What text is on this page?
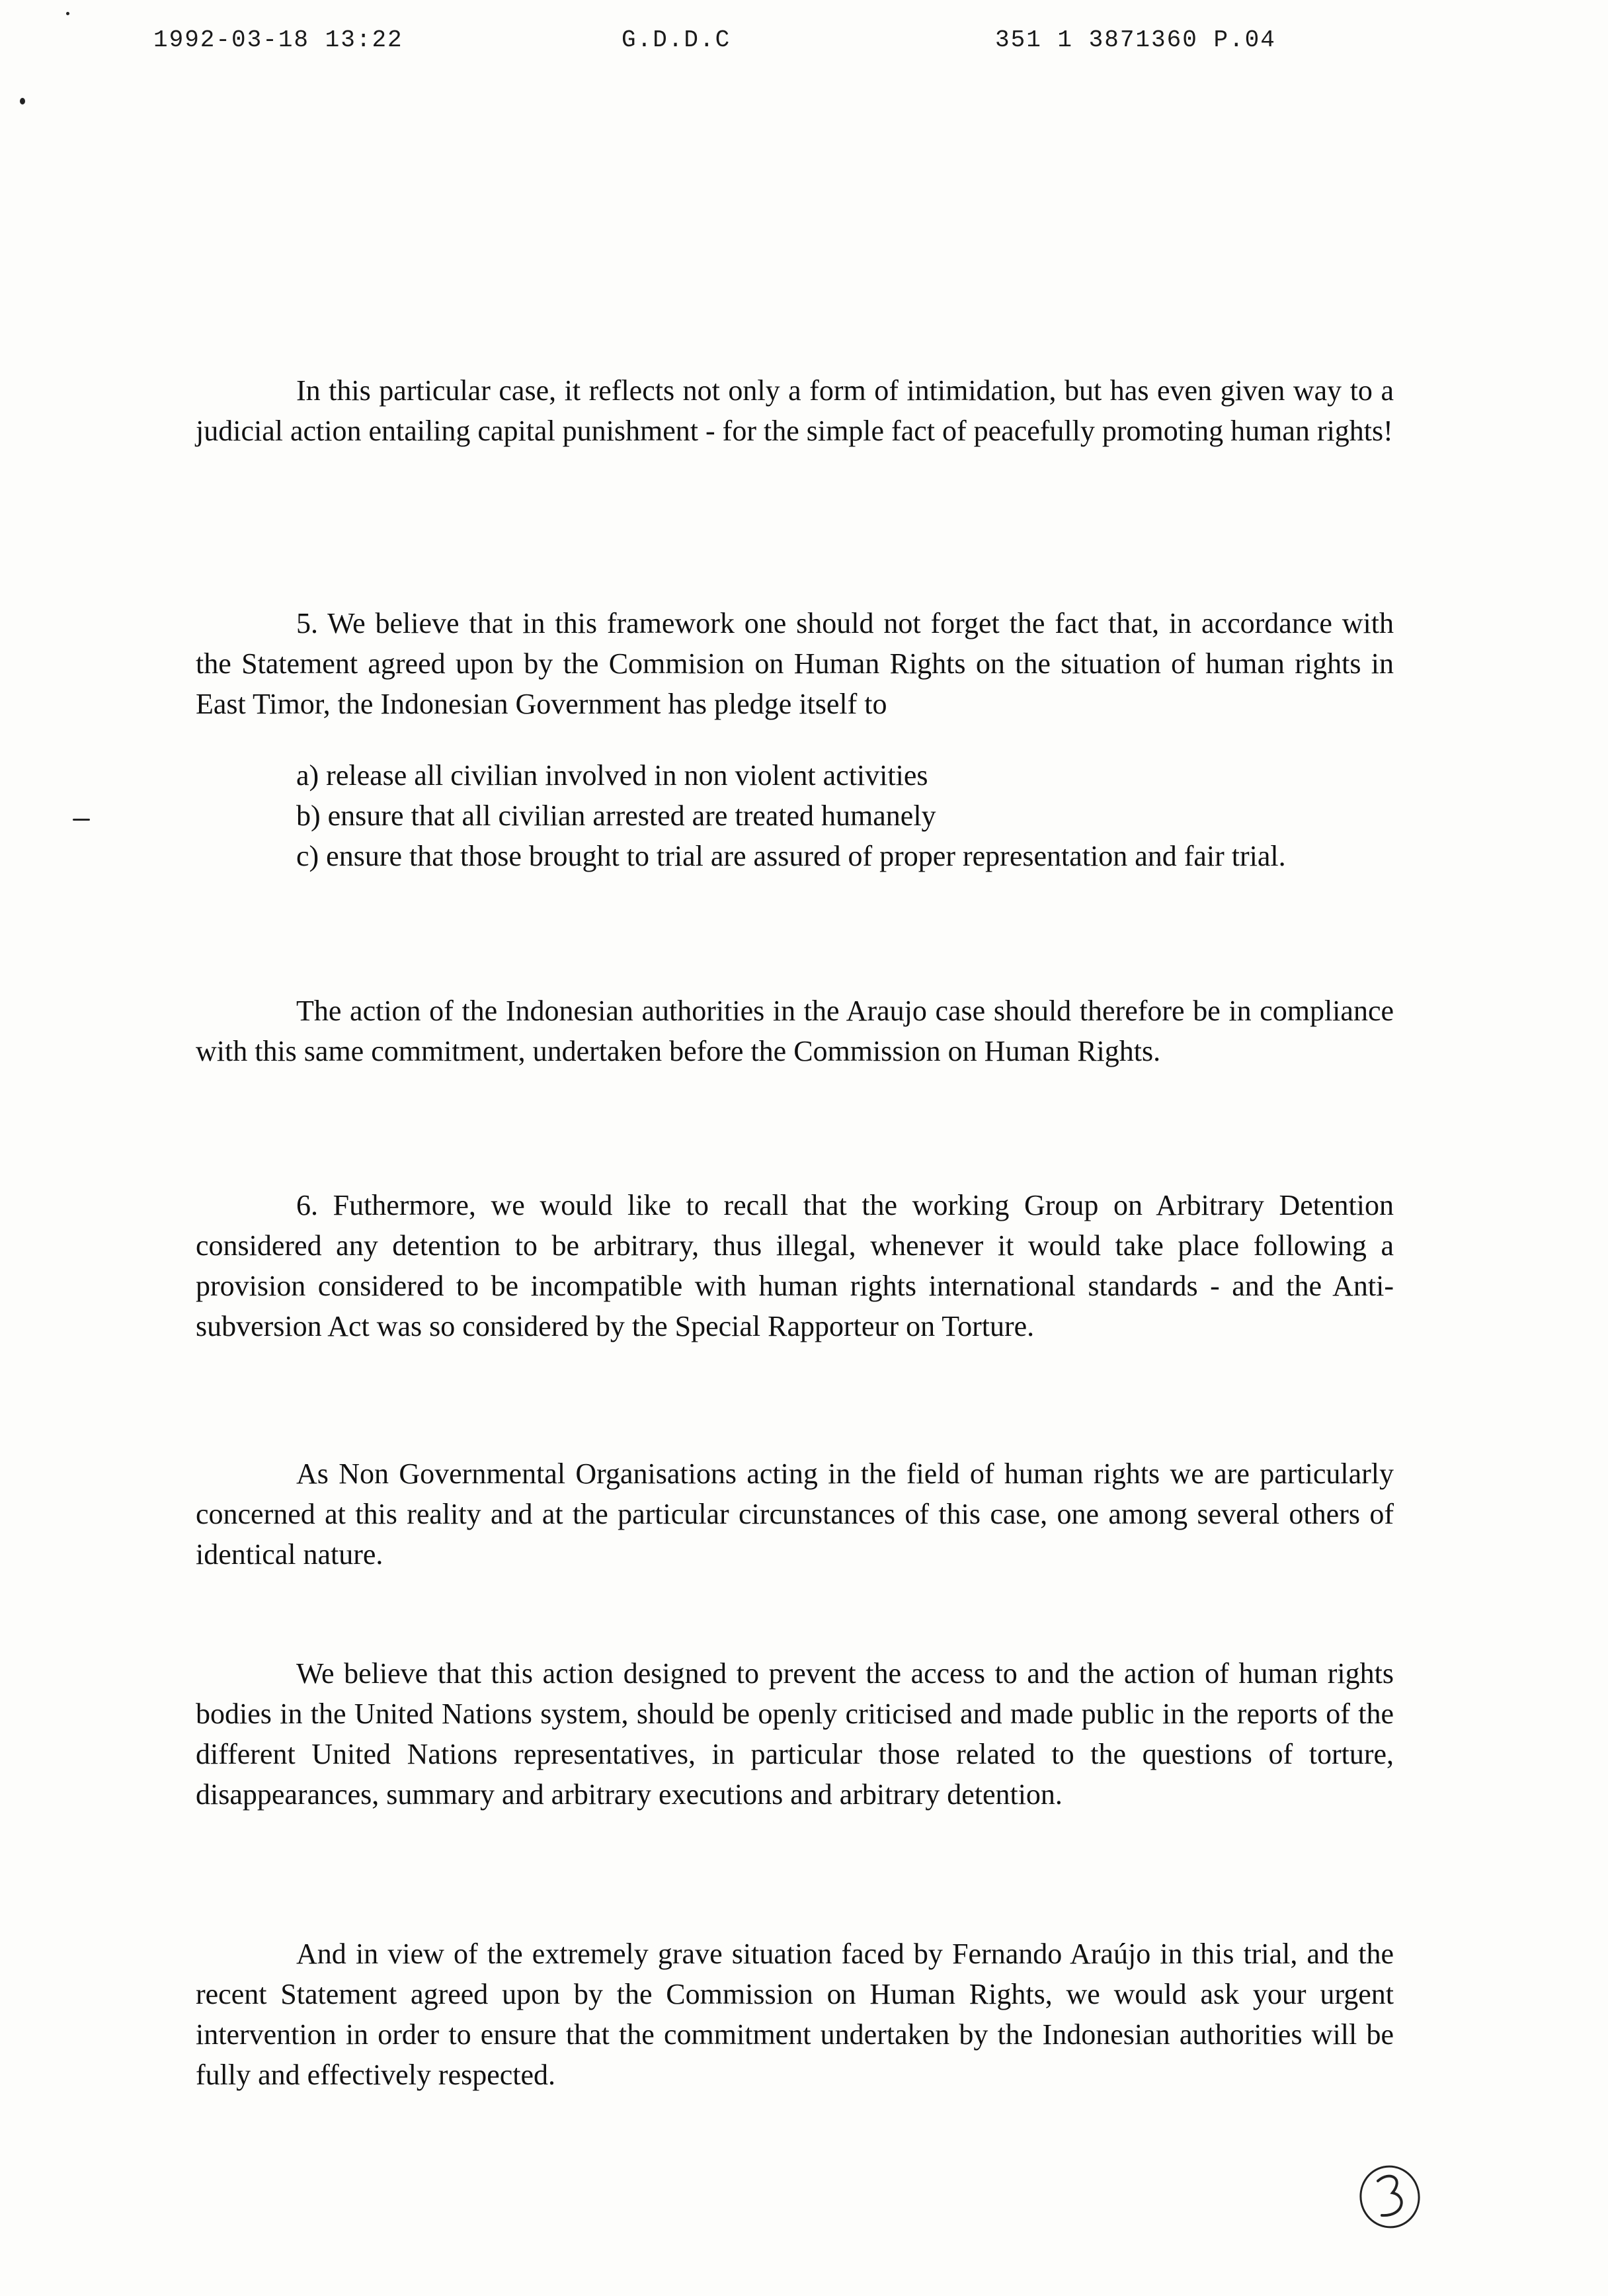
1992-03-18 13:22	G.D.D.C	351 1 3871360 P.04

In this particular case, it reflects not only a form of intimidation, but has even given way to a judicial action entailing capital punishment - for the simple fact of peacefully promoting human rights!

5. We believe that in this framework one should not forget the fact that, in accordance with the Statement agreed upon by the Commision on Human Rights on the situation of human rights in East Timor, the Indonesian Government has pledge itself to

a) release all civilian involved in non violent activities
b) ensure that all civilian arrested are treated humanely
c) ensure that those brought to trial are assured of proper representation and fair trial.

The action of the Indonesian authorities in the Araujo case should therefore be in compliance with this same commitment, undertaken before the Commission on Human Rights.

6. Futhermore, we would like to recall that the working Group on Arbitrary Detention considered any detention to be arbitrary, thus illegal, whenever it would take place following a provision considered to be incompatible with human rights international standards - and the Anti-subversion Act was so considered by the Special Rapporteur on Torture.

As Non Governmental Organisations acting in the field of human rights we are particularly concerned at this reality and at the particular circunstances of this case, one among several others of identical nature.

We believe that this action designed to prevent the access to and the action of human rights bodies in the United Nations system, should be openly criticised and made public in the reports of the different United Nations representatives, in particular those related to the questions of torture, disappearances, summary and arbitrary executions and arbitrary detention.

And in view of the extremely grave situation faced by Fernando Araújo in this trial, and the recent Statement agreed upon by the Commission on Human Rights, we would ask your urgent intervention in order to ensure that the commitment undertaken by the Indonesian authorities will be fully and effectively respected.
